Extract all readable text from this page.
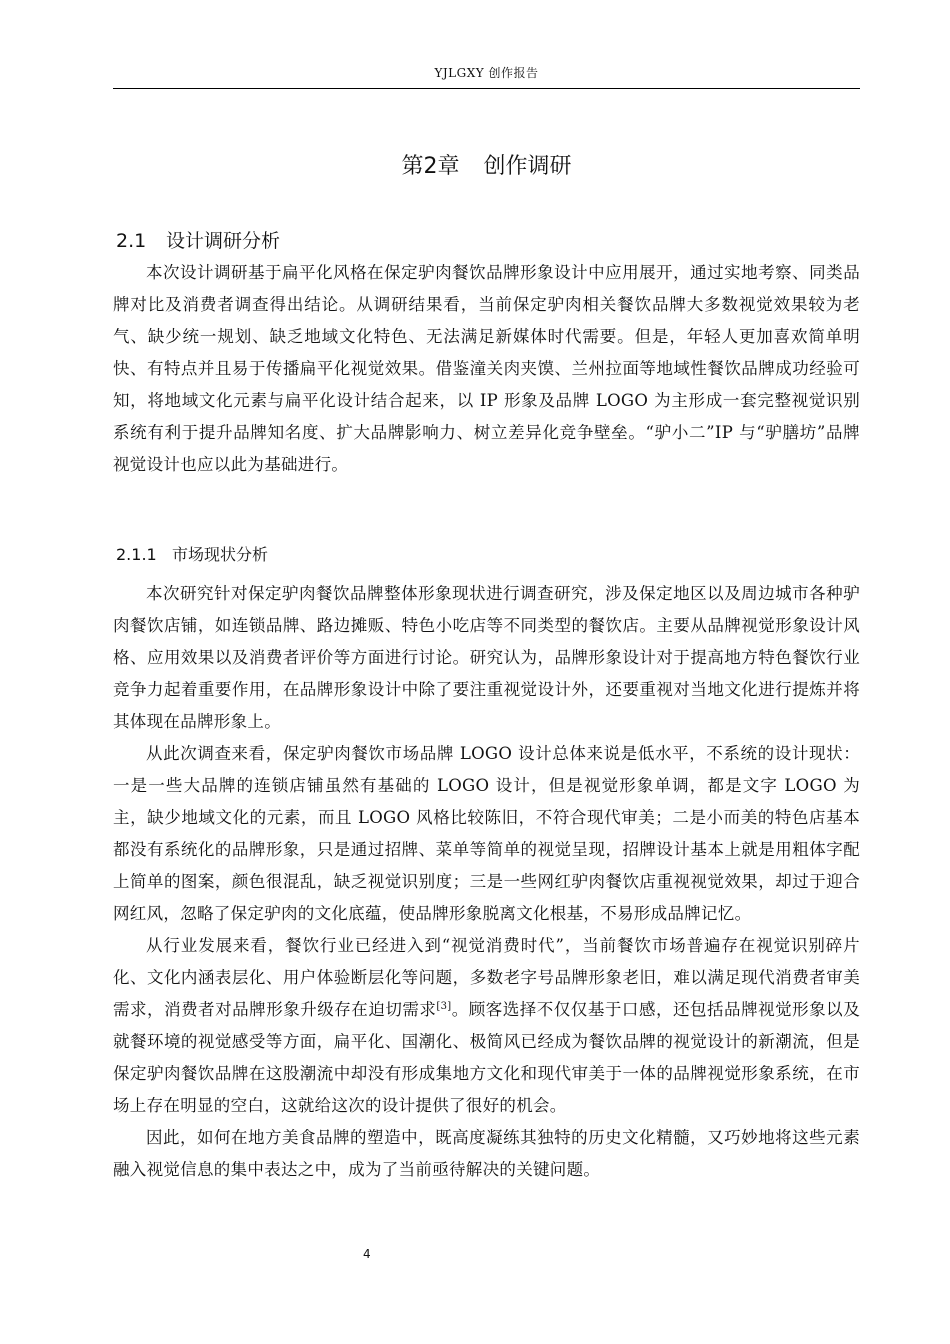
YJLGXY 创作报告
第2章 创作调研
2.1 设计调研分析

本次设计调研基于扁平化风格在保定驴肉餐饮品牌形象设计中应用展开，通过实地考察、同类品牌对比及消费者调查得出结论。从调研结果看，当前保定驴肉相关餐饮品牌大多数视觉效果较为老气、缺少统一规划、缺乏地域文化特色、无法满足新媒体时代需要。但是，年轻人更加喜欢简单明快、有特点并且易于传播扁平化视觉效果。借鉴潼关肉夹馍、兰州拉面等地域性餐饮品牌成功经验可知，将地域文化元素与扁平化设计结合起来，以 IP 形象及品牌 LOGO 为主形成一套完整视觉识别系统有利于提升品牌知名度、扩大品牌影响力、树立差异化竞争壁垒。“驴小二”IP 与“驴膳坊”品牌视觉设计也应以此为基础进行。

2.1.1 市场现状分析

本次研究针对保定驴肉餐饮品牌整体形象现状进行调查研究，涉及保定地区以及周边城市各种驴肉餐饮店铺，如连锁品牌、路边摊贩、特色小吃店等不同类型的餐饮店。主要从品牌视觉形象设计风格、应用效果以及消费者评价等方面进行讨论。研究认为，品牌形象设计对于提高地方特色餐饮行业竞争力起着重要作用，在品牌形象设计中除了要注重视觉设计外，还要重视对当地文化进行提炼并将其体现在品牌形象上。

从此次调查来看，保定驴肉餐饮市场品牌 LOGO 设计总体来说是低水平，不系统的设计现状：一是一些大品牌的连锁店铺虽然有基础的 LOGO 设计，但是视觉形象单调，都是文字 LOGO 为主，缺少地域文化的元素，而且 LOGO 风格比较陈旧，不符合现代审美；二是小而美的特色店基本都没有系统化的品牌形象，只是通过招牌、菜单等简单的视觉呈现，招牌设计基本上就是用粗体字配上简单的图案，颜色很混乱，缺乏视觉识别度；三是一些网红驴肉餐饮店重视视觉效果，却过于迎合网红风，忽略了保定驴肉的文化底蕴，使品牌形象脱离文化根基，不易形成品牌记忆。

从行业发展来看，餐饮行业已经进入到“视觉消费时代”，当前餐饮市场普遍存在视觉识别碎片化、文化内涵表层化、用户体验断层化等问题，多数老字号品牌形象老旧，难以满足现代消费者审美需求，消费者对品牌形象升级存在迫切需求[3]。顾客选择不仅仅基于口感，还包括品牌视觉形象以及就餐环境的视觉感受等方面，扁平化、国潮化、极简风已经成为餐饮品牌的视觉设计的新潮流，但是保定驴肉餐饮品牌在这股潮流中却没有形成集地方文化和现代审美于一体的品牌视觉形象系统，在市场上存在明显的空白，这就给这次的设计提供了很好的机会。

因此，如何在地方美食品牌的塑造中，既高度凝练其独特的历史文化精髓，又巧妙地将这些元素融入视觉信息的集中表达之中，成为了当前亟待解决的关键问题。

4
